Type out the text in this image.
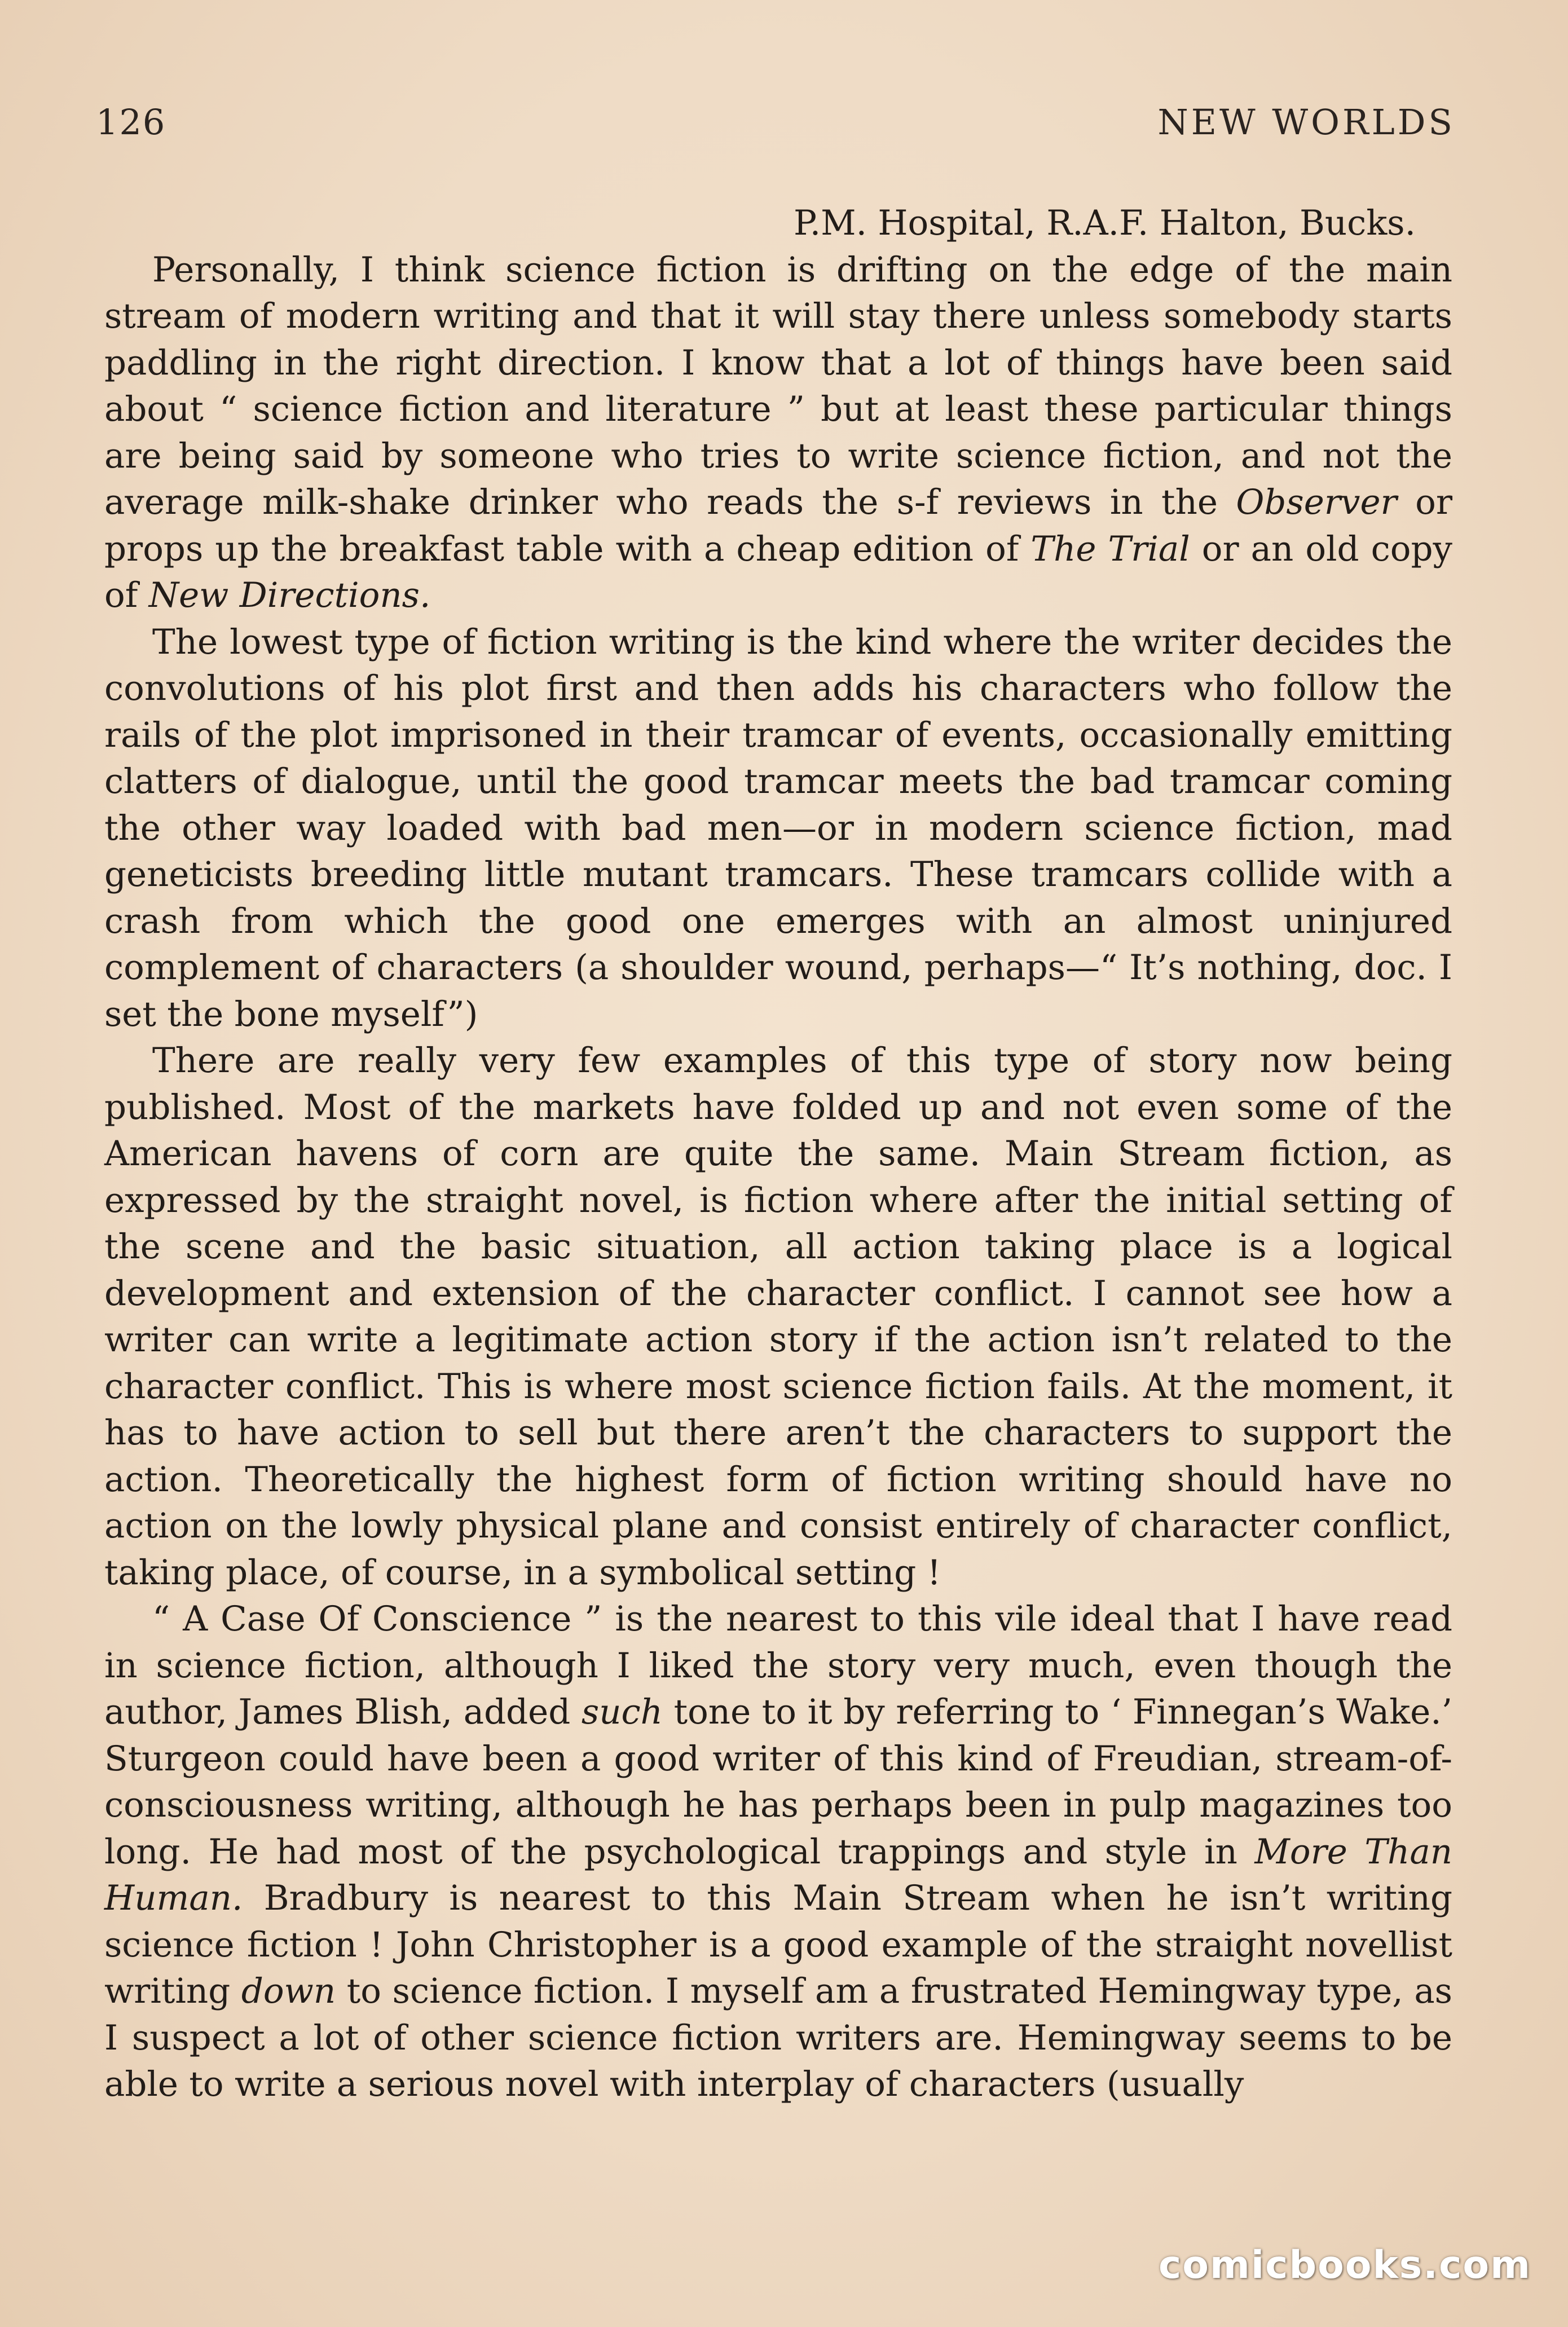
126	NEW WORLDS

P.M. Hospital, R.A.F. Halton, Bucks.

Personally, I think science fiction is drifting on the edge of the main stream of modern writing and that it will stay there unless somebody starts paddling in the right direction. I know that a lot of things have been said about “ science fiction and literature ” but at least these particular things are being said by someone who tries to write science fiction, and not the average milk-shake drinker who reads the s-f reviews in the Observer or props up the breakfast table with a cheap edition of The Trial or an old copy of New Directions.

The lowest type of fiction writing is the kind where the writer decides the convolutions of his plot first and then adds his characters who follow the rails of the plot imprisoned in their tramcar of events, occasionally emitting clatters of dialogue, until the good tramcar meets the bad tramcar coming the other way loaded with bad men—or in modern science fiction, mad geneticists breeding little mutant tramcars. These tramcars collide with a crash from which the good one emerges with an almost uninjured complement of characters (a shoulder wound, perhaps—“ It’s nothing, doc. I set the bone myself”)

There are really very few examples of this type of story now being published. Most of the markets have folded up and not even some of the American havens of corn are quite the same. Main Stream fiction, as expressed by the straight novel, is fiction where after the initial setting of the scene and the basic situation, all action taking place is a logical development and extension of the character conflict. I cannot see how a writer can write a legitimate action story if the action isn’t related to the character conflict. This is where most science fiction fails. At the moment, it has to have action to sell but there aren’t the characters to support the action. Theoretically the highest form of fiction writing should have no action on the lowly physical plane and consist entirely of character conflict, taking place, of course, in a symbolical setting !

“ A Case Of Conscience ” is the nearest to this vile ideal that I have read in science fiction, although I liked the story very much, even though the author, James Blish, added such tone to it by referring to ‘ Finnegan’s Wake.’ Sturgeon could have been a good writer of this kind of Freudian, stream-of-consciousness writing, although he has perhaps been in pulp magazines too long. He had most of the psychological trappings and style in More Than Human. Bradbury is nearest to this Main Stream when he isn’t writing science fiction ! John Christopher is a good example of the straight novellist writing down to science fiction. I myself am a frustrated Hemingway type, as I suspect a lot of other science fiction writers are. Hemingway seems to be able to write a serious novel with interplay of characters (usually

comicbooks.com
